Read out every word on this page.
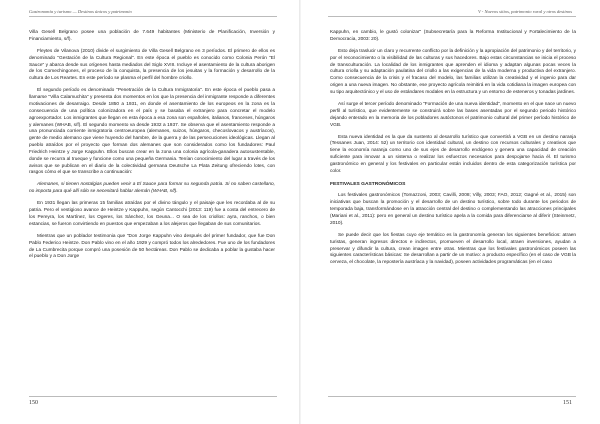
Gastronomía y turismo — Destinos únicos y patrimonio

Villa Gesell Belgrano posee una población de 7.649 habitantes (Ministerio de Planificación, Inversión y Financiamiento, s/f).

Fleytes de Vilanova (2010) divide el surgimiento de Villa Gesell Belgrano en 3 períodos. El primero de ellos es denominado "Gestación de la Cultura Regional". En este época el pueblo es conocido como Colonia Perón "El Sauce" y abarca desde sus orígenes hasta mediados del Siglo XVIII. Incluye el asentamiento de la cultura aborigen de los Comechingones, el proceso de la conquista, la presencia de los jesuitas y la formación y desarrollo de la cultura de Los Reartes. En este período se plasma el perfil del hombre criollo.

El segundo período es denominado "Penetración de la Cultura Inmigratoria". En este época el pueblo pasa a llamarse "Villa Calamuchita" y presenta dos momentos en los que la presencia del inmigrante responde a diferentes motivaciones de desarraigo. Desde 1850 a 1931, en donde el asentamiento de los europeos en la zona es la consecuencia de una política colonizadora en el país y se basaba el extranjero para concretar el modelo agroexportador. Los inmigrantes que llegan en esta época a esa zona son españoles, italianos, franceses, húngaros y alemanes (WHAB, s/f). El segundo momento va desde 1932 a 1937. Se observa que el asentamiento responde a una pronunciada corriente inmigratoria centroeuropea (alemanes, suizos, húngaros, checoslovacos y austríacos), gente de medio alemano que viene huyendo del hambre, de la guerra y de las persecuciones ideológicas. Llegan al pueblo atraídos por el proyecto que forman dos alemanes que son considerados como los fundadores: Paul Friedrich Heintze y Jorge Kappuhn. Ellos buscan crear en la zona una colonia agrícola-ganadera autosustentable, donde se recurra al trueque y funcione como una pequeña Germania. Tenían conocimiento del lugar a través de los avisos que se publican en el diario de la colectividad germana Deutsche La Plata Zeitung ofreciendo lotes, con rasgos cómo el que se transcribe a continuación:

Alemanes, si tienen nostalgias pueden venir a El Sauce para formar su segunda patria. Si no saben castellano, no importa para qué allí sólo se necesitará hablar alemán (WHAB, s/f).

En 1931 llegan las primeras 15 familias atraídas por el divino tángulo y el paisaje que les recordaba al de su patria. Pero el vestigioso avance de Heintze y Kappuhn, según Cantocchi (2013: 119) fue a costa del entrecero de los Pereyra, los Martínez, los Ogeres, los Sánchez, los Geuna... O sea de los criollos: ayra, ranchos, o bien estancias, se fueron convirtiendo en puestos que empezaban a los alejeros que llegaban de sus comunitarios.

Mientras que un poblador testimonia que "Don Jorge Kappuhn vino después del primer fundador, que fue Don Pablo Federico Heintze. Don Pablo vino en el año 1929 y compró todos los alrededores. Fue uno de los fundadores de La Cumbrecita porque compró una posesión de 50 hectáreas. Don Pablo se dedicaba a poblar la gustaba hacer el pueblo y a Don Jorge

150
V - Nuevos sitios, patrimonio rural y otros destinos

Kappuhn, en cambio, le gustó colonizar" (Subsecretaría para la Reforma Institucional y Fortalecimiento de la Democracia, 2003: 20).

Esto deja traslucir un claro y recurrente conflicto por la definición y la apropiación del patrimonio y del territorio, y por el reconocimiento o la visibilidad de las culturas y sus hacedores. Bajo estas circunstancias se inicia el proceso de transculturación. La localidad de los inmigrantes que aprenden el idioma y adaptan algunas pocas veces la cultura criolla y su adaptación paulatina del criollo a las exigencias de la vida moderna y productiva del extranjero. Como consecuencia de la crisis y el fracaso del modelo, las familias utilizan la creatividad y el ingenio para dar origen a una nueva imagen. No obstante, ese proyecto agrícola reimitirá en la vida cotidiana la imagen europea con su tipo arquitectónico y el uso de estándares modales en la estructura y un entorno de esteneros y tonadas jardines.

Así surge el tercer período denominado "Formación de una nueva identidad", momento en el que nace un nuevo perfil al turístico, que evidentemente se construirá sobre las bases asentadas por el segundo periodo histórico dejando enterado en la memoria de los pobladores autóctonos el patrimonio cultural del primer período histórico de VGB.

Esta nueva identidad es la que da sustento al desarrollo turístico que convertirá a VGB en un destino naranja (Tessanes Juan, 2014: 52) un territorio con identidad cultural, un destino con recursos culturales y creativos que tiene la economía naranja como uno de sus ejes de desarrollo endógeno y genera una capacidad de creación suficiente para innovar a un sistema o realizar los esfuerzos necesarios para despojarse hacia él. El turismo gastronómico en general y los festivales en particular están incluidos dentro de esta categorización turística por color.

FESTIVALES GASTRONÓMICOS

Los festivales gastronómicos (Tomazzoni, 2003; Cavilli, 2008; Villy, 2003; FAO, 2012; Gagné et al., 2015) son iniciativas que buscan la promoción y el desarrollo de un destino turístico, sobre todo durante los periodos de temporada baja, transformándose en la atracción central del destino o complementando las atracciones principales (Mariani et al., 2011): pero en general un destino turístico apela a la comida para diferenciarse al diferir (Steinmetz, 2010).

Se puede decir que los fiestas cuyo eje temático es la gastronomía generan los siguientes beneficios: atraen turistas, generan ingresos directos e indirectos, promueven el desarrollo local, atraen inversiones, ayudan a preservar y difundir la cultura, crean imagen entre otras. Mientras que los festivales gastronómicos poseen las siguientes características básicas: Se desarrollan a partir de un motivo: a producto específico (en el caso de VGB la cerveza, el chocolate, la repostería austríaca y la navidad), poseen actividades programáticas (en el caso

151
